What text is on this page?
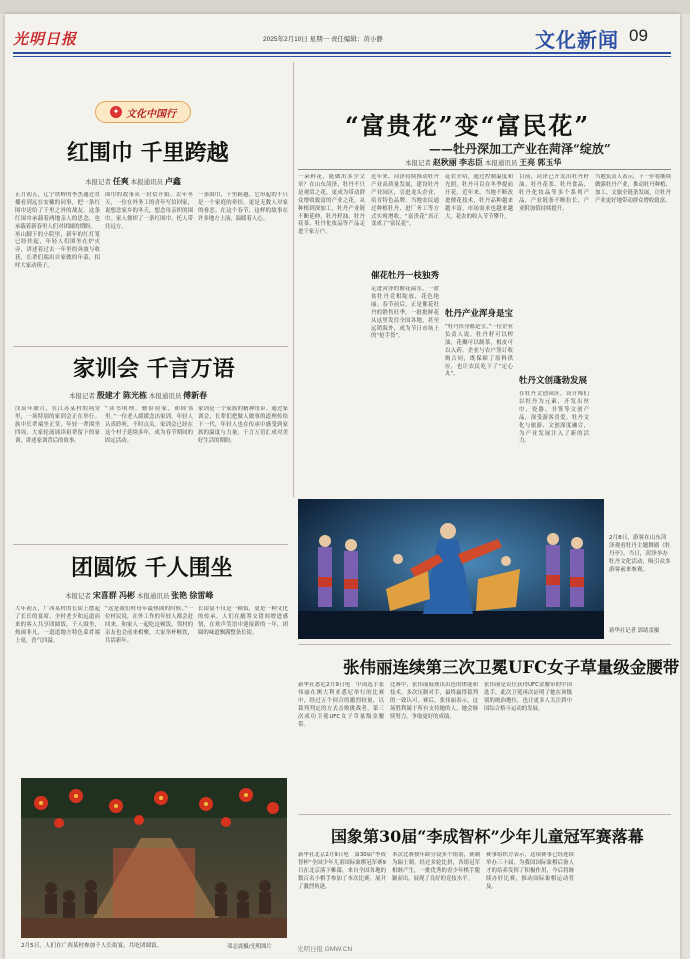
光明日报	2025年2月10日 星期一 责任编辑：黄小静	文化新闻 09
✦ 文化中国行
红围巾 千里跨越
本报记者 任爽 本报通讯员 卢鑫

正月初五，辽宁铁岭的李杰通过直播看到远在安徽的同事，把一条红围巾送给了千里之外的战友。这条红围巾承载着两地亲人的思念，也承载着新春里人们对团圆的期盼。

巫山脚下的小院里，新年的红灯笼已经挂起，年轻人们围坐在炉火旁，讲述着过去一年里的奔波与收获，长辈们端出自家做的年菜，招呼大家动筷子。

围巾的故事从一封信开始。去年冬天，一位在外务工的青年写信回家，说想念家乡的冬天，想念母亲织的围巾。家人便织了一条红围巾，托人带往远方。

一条围巾，千里跨越。它串起的不只是一个家庭的牵挂，更是无数人对家的眷恋。在这个春节，这样的故事在许多地方上演，温暖着人心。

家训会 千言万语
本报记者 殷建才 陈光栋 本报通讯员 傅新春

戊辰年腊月，在江苏某村的祠堂里，一场特别的家训会正在举行。族中长辈端坐正堂，年轻一辈围坐四周，大家轮流诵读祖辈留下的家训，讲述家训背后的故事。

“读书明理，勤俭持家，和睦邻里。”一位老人缓缓念出家训，年轻人认真聆听，不时点头。家训会已经在这个村子延续多年，成为春节期间的固定活动。

家训是一个家族的精神纽带。通过家训会，长辈们把做人做事的道理传给下一代，年轻人也在传承中感受到家族的温度与力量，千言万语汇成对美好生活的期盼。

团圆饭 千人围坐
本报记者 宋喜群 冯彬 本报通讯员 张艳 徐雷峰

大年初五，广西某村的长街上摆起了长长的宴席，全村老少和远道而来的客人共享团圆饭。千人围坐，热闹非凡，一道道地方特色菜肴端上桌，香气四溢。

“这是我们村每年最热闹的时候。”一位村民说，在外工作的年轻人都会赶回来，和家人一起吃这顿饭，邻村的亲友也会前来相聚，大家举杯畅饮，共话新年。

长街宴不仅是一顿饭，更是一种文化的传承。人们在觥筹交错间增进感情，在欢声笑语中迎接新的一年，团圆的味道飘满整条长街。

2月5日，人们在广西某村参加千人长街宴，共吃团圆饭。	邓志震摄/光明图片
“富贵花”变“富民花”
——牡丹深加工产业在菏泽“绽放”
本报记者 赵秋丽 李志臣 本报通讯员 王亮 郭玉华

一朵鲜花，能做出多少文章？在山东菏泽，牡丹不只是观赏之花，更成为带动群众增收致富的产业之花。从种植到深加工，牡丹产业链不断延伸，牡丹籽油、牡丹花茶、牡丹化妆品等产品走进千家万户。

近年来，菏泽持续推动牡丹产业高质量发展，建设牡丹产业园区，引进龙头企业，培育特色品牌。当地农民通过种植牡丹、进厂务工等方式实现增收，“富贵花”真正变成了“富民花”。

催花牡丹一枝独秀

走进菏泽的催花温室，一盆盆牡丹竞相绽放，花色艳丽。春节前后，正是催花牡丹的销售旺季，一批批鲜花从这里发往全国各地，甚至远销海外，成为节日市场上的“抢手货”。

花农介绍，通过控制温度和光照，牡丹可以在冬季提前开花。近年来，当地不断改进催花技术，牡丹品种越来越丰富，市场需求也越来越大，花农的收入节节攀升。

牡丹产业浑身是宝

“牡丹浑身都是宝。”一位企业负责人说，牡丹籽可以榨油，花瓣可以制茶，根皮可以入药。企业与农户签订收购合同，既保障了原料供应，也让农民吃下了“定心丸”。

目前，菏泽已开发出牡丹籽油、牡丹花茶、牡丹食品、牡丹化妆品等多个系列产品，产业链条不断拉长，产业附加值持续提升。

牡丹文创蓬勃发展

在牡丹文创园区，设计师们以牡丹为元素，开发出丝巾、瓷器、书签等文创产品，深受游客喜爱。牡丹文化与旅游、文创深度融合，为产业发展注入了新的活力。

当地负责人表示，下一步将继续做强牡丹产业，推动牡丹种植、加工、文旅全链条发展，让牡丹产业更好地带动群众增收致富。

2月8日，游客在山东菏泽观看牡丹主题舞剧《牡丹亭》。当日，菏泽举办牡丹文化活动，吸引众多游客前来参观。
新华社记者 郭绪雷摄
张伟丽连续第三次卫冕UFC女子草量级金腰带

新华社悉尼2月9日电　中国选手张伟丽在澳大利亚悉尼举行的比赛中，经过五个回合的激烈较量，以裁判判定的方式击败挑战者，第三次成功卫冕UFC女子草量级金腰带。

比赛中，张伟丽展现出出色的体能和技术，多次压制对手，最终赢得裁判的一致认可。赛后，张伟丽表示，这场胜利属于所有支持她的人，她会继续努力，争取更好的成绩。

张伟丽是首位获得UFC金腰带的中国选手，此次卫冕再次证明了她在该级别的统治地位，也让更多人关注到中国综合格斗运动的发展。

国象第30届“李成智杯”少年儿童冠军赛落幕

新华社北京2月9日电　第30届“李成智杯”全国少年儿童国际象棋冠军赛9日在北京落下帷幕，来自全国各地的数百名小棋手参加了本次比赛，展开了激烈角逐。

本次比赛按年龄分设多个组别，赛制为瑞士制。经过多轮比拼，各组冠军相继产生，一批优秀的青少年棋手脱颖而出，展现了良好的竞技水平。

赛事组织方表示，这项赛事已经连续举办三十届，为我国国际象棋后备人才的培养发挥了积极作用，今后将继续办好比赛，推动国际象棋运动普及。

光明日报 GMW.CN
